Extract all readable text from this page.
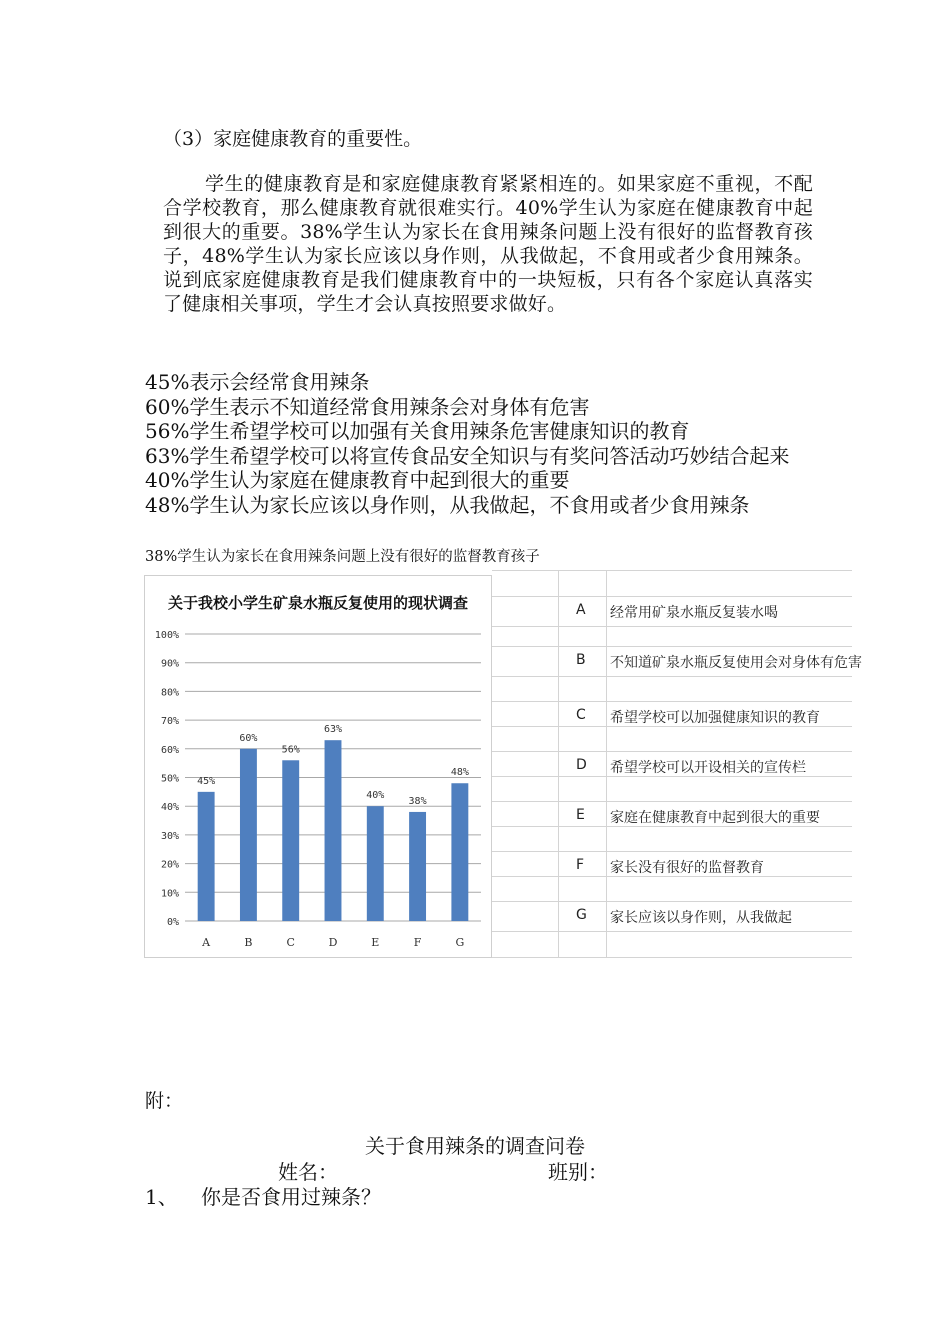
（3）家庭健康教育的重要性。
学生的健康教育是和家庭健康教育紧紧相连的。如果家庭不重视，不配合学校教育，那么健康教育就很难实行。40%学生认为家庭在健康教育中起到很大的重要。38%学生认为家长在食用辣条问题上没有很好的监督教育孩子，48%学生认为家长应该以身作则，从我做起，不食用或者少食用辣条。说到底家庭健康教育是我们健康教育中的一块短板，只有各个家庭认真落实了健康相关事项，学生才会认真按照要求做好。
45%表示会经常食用辣条
60%学生表示不知道经常食用辣条会对身体有危害
56%学生希望学校可以加强有关食用辣条危害健康知识的教育
63%学生希望学校可以将宣传食品安全知识与有奖问答活动巧妙结合起来
40%学生认为家庭在健康教育中起到很大的重要
48%学生认为家长应该以身作则，从我做起，不食用或者少食用辣条
38%学生认为家长在食用辣条问题上没有很好的监督教育孩子
关于我校小学生矿泉水瓶反复使用的现状调查
0%
10%
20%
30%
40%
50%
60%
70%
80%
90%
100%
45%
A
60%
B
56%
C
63%
D
40%
E
38%
F
48%
G
A 经常用矿泉水瓶反复装水喝
B 不知道矿泉水瓶反复使用会对身体有危害
C 希望学校可以加强健康知识的教育
D 希望学校可以开设相关的宣传栏
E 家庭在健康教育中起到很大的重要
F 家长没有很好的监督教育
G 家长应该以身作则，从我做起
附：
关于食用辣条的调查问卷
姓名：	班别：
1、 你是否食用过辣条？
